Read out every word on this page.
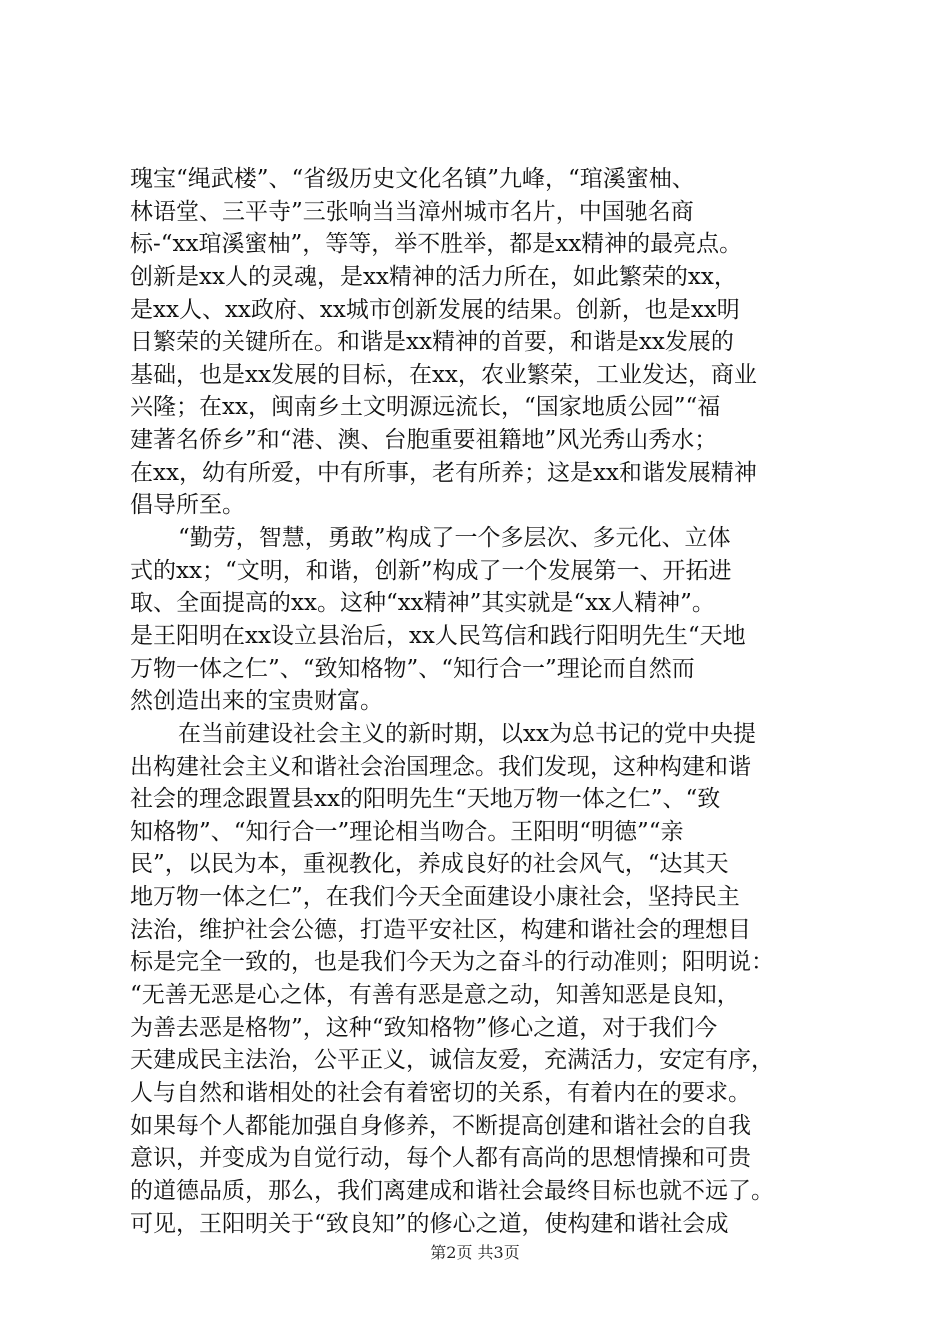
瑰宝“绳武楼”、“省级历史文化名镇”九峰，“琯溪蜜柚、
林语堂、三平寺”三张响当当漳州城市名片，中国驰名商
标-“xx琯溪蜜柚”，等等，举不胜举，都是xx精神的最亮点。
创新是xx人的灵魂，是xx精神的活力所在，如此繁荣的xx，
是xx人、xx政府、xx城市创新发展的结果。创新，也是xx明
日繁荣的关键所在。和谐是xx精神的首要，和谐是xx发展的
基础，也是xx发展的目标，在xx，农业繁荣，工业发达，商业
兴隆；在xx，闽南乡土文明源远流长，“国家地质公园”“福
建著名侨乡”和“港、澳、台胞重要祖籍地”风光秀山秀水；
在xx，幼有所爱，中有所事，老有所养；这是xx和谐发展精神
倡导所至。
“勤劳，智慧，勇敢”构成了一个多层次、多元化、立体
式的xx；“文明，和谐，创新”构成了一个发展第一、开拓进
取、全面提高的xx。这种“xx精神”其实就是“xx人精神”。
是王阳明在xx设立县治后，xx人民笃信和践行阳明先生“天地
万物一体之仁”、“致知格物”、“知行合一”理论而自然而
然创造出来的宝贵财富。
在当前建设社会主义的新时期，以xx为总书记的党中央提
出构建社会主义和谐社会治国理念。我们发现，这种构建和谐
社会的理念跟置县xx的阳明先生“天地万物一体之仁”、“致
知格物”、“知行合一”理论相当吻合。王阳明“明德”“亲
民”，以民为本，重视教化，养成良好的社会风气，“达其天
地万物一体之仁”，在我们今天全面建设小康社会，坚持民主
法治，维护社会公德，打造平安社区，构建和谐社会的理想目
标是完全一致的，也是我们今天为之奋斗的行动准则；阳明说：
“无善无恶是心之体，有善有恶是意之动，知善知恶是良知，
为善去恶是格物”，这种“致知格物”修心之道，对于我们今
天建成民主法治，公平正义，诚信友爱，充满活力，安定有序，
人与自然和谐相处的社会有着密切的关系，有着内在的要求。
如果每个人都能加强自身修养，不断提高创建和谐社会的自我
意识，并变成为自觉行动，每个人都有高尚的思想情操和可贵
的道德品质，那么，我们离建成和谐社会最终目标也就不远了。
可见，王阳明关于“致良知”的修心之道，使构建和谐社会成
第2页 共3页
